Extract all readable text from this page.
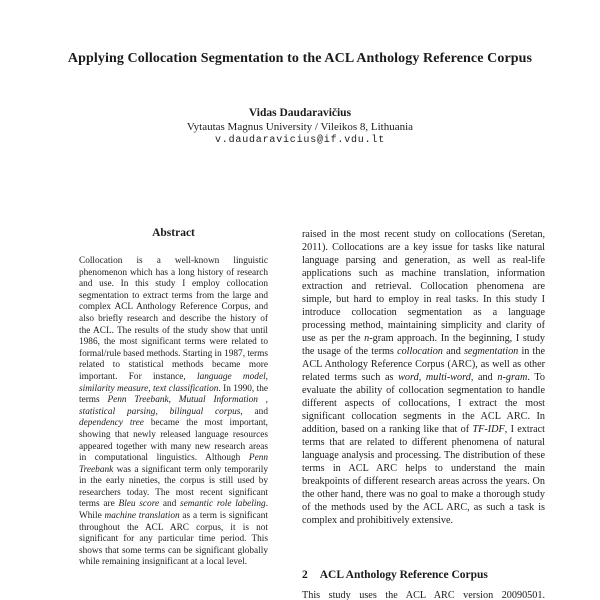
Applying Collocation Segmentation to the ACL Anthology Reference Corpus
Vidas Daudaravičius
Vytautas Magnus University / Vileikos 8, Lithuania
v.daudaravicius@if.vdu.lt
Abstract

Collocation is a well-known linguistic phenomenon which has a long history of research and use. In this study I employ collocation segmentation to extract terms from the large and complex ACL Anthology Reference Corpus, and also briefly research and describe the history of the ACL. The results of the study show that until 1986, the most significant terms were related to formal/rule based methods. Starting in 1987, terms related to statistical methods became more important. For instance, language model, similarity measure, text classification. In 1990, the terms Penn Treebank, Mutual Information , statistical parsing, bilingual corpus, and dependency tree became the most important, showing that newly released language resources appeared together with many new research areas in computational linguistics. Although Penn Treebank was a significant term only temporarily in the early nineties, the corpus is still used by researchers today. The most recent significant terms are Bleu score and semantic role labeling. While machine translation as a term is significant throughout the ACL ARC corpus, it is not significant for any particular time period. This shows that some terms can be significant globally while remaining insignificant at a local level.

raised in the most recent study on collocations (Seretan, 2011). Collocations are a key issue for tasks like natural language parsing and generation, as well as real-life applications such as machine translation, information extraction and retrieval. Collocation phenomena are simple, but hard to employ in real tasks. In this study I introduce collocation segmentation as a language processing method, maintaining simplicity and clarity of use as per the n-gram approach. In the beginning, I study the usage of the terms collocation and segmentation in the ACL Anthology Reference Corpus (ARC), as well as other related terms such as word, multi-word, and n-gram. To evaluate the ability of collocation segmentation to handle different aspects of collocations, I extract the most significant collocation segments in the ACL ARC. In addition, based on a ranking like that of TF-IDF, I extract terms that are related to different phenomena of natural language analysis and processing. The distribution of these terms in ACL ARC helps to understand the main breakpoints of different research areas across the years. On the other hand, there was no goal to make a thorough study of the methods used by the ACL ARC, as such a task is complex and prohibitively extensive.

2 ACL Anthology Reference Corpus

This study uses the ACL ARC version 20090501.
